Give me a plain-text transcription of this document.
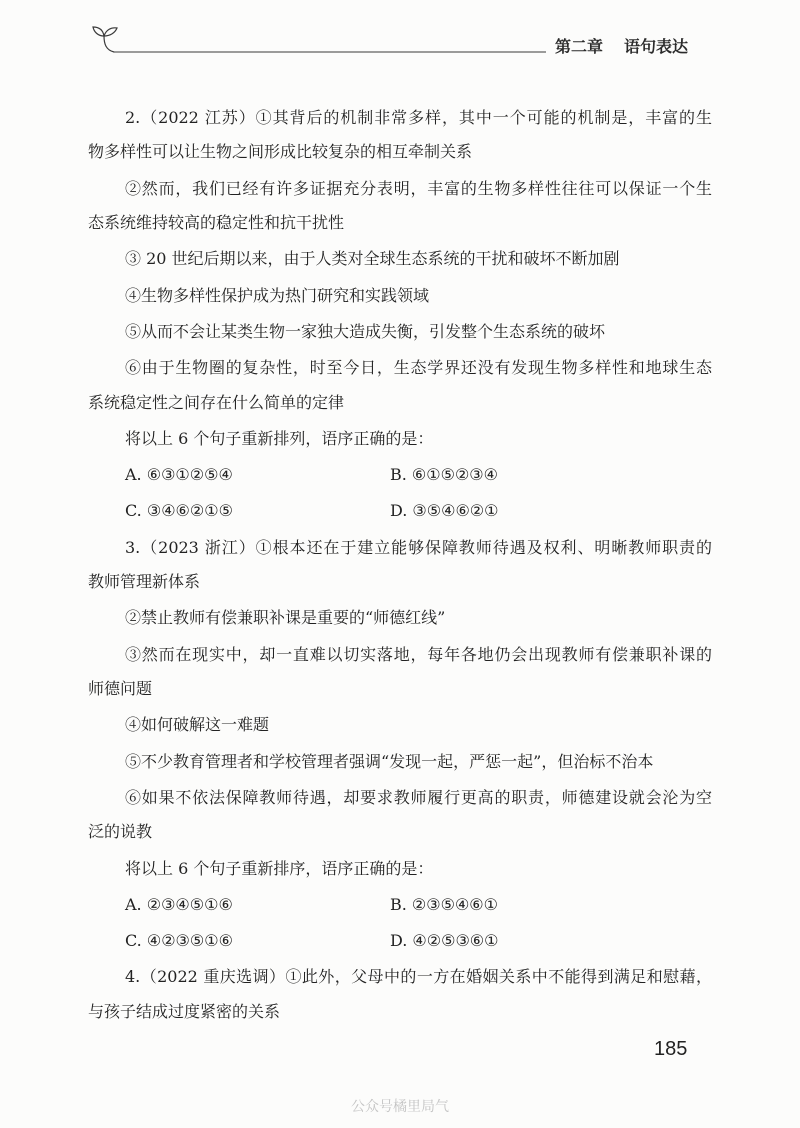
第二章 语句表达
2.（2022 江苏）①其背后的机制非常多样，其中一个可能的机制是，丰富的生
物多样性可以让生物之间形成比较复杂的相互牵制关系
②然而，我们已经有许多证据充分表明，丰富的生物多样性往往可以保证一个生
态系统维持较高的稳定性和抗干扰性
③ 20 世纪后期以来，由于人类对全球生态系统的干扰和破坏不断加剧
④生物多样性保护成为热门研究和实践领域
⑤从而不会让某类生物一家独大造成失衡，引发整个生态系统的破坏
⑥由于生物圈的复杂性，时至今日，生态学界还没有发现生物多样性和地球生态
系统稳定性之间存在什么简单的定律
将以上 6 个句子重新排列，语序正确的是：
A. ⑥③①②⑤④	B. ⑥①⑤②③④
C. ③④⑥②①⑤	D. ③⑤④⑥②①
3.（2023 浙江）①根本还在于建立能够保障教师待遇及权利、明晰教师职责的
教师管理新体系
②禁止教师有偿兼职补课是重要的“师德红线”
③然而在现实中，却一直难以切实落地，每年各地仍会出现教师有偿兼职补课的
师德问题
④如何破解这一难题
⑤不少教育管理者和学校管理者强调“发现一起，严惩一起”，但治标不治本
⑥如果不依法保障教师待遇，却要求教师履行更高的职责，师德建设就会沦为空
泛的说教
将以上 6 个句子重新排序，语序正确的是：
A. ②③④⑤①⑥	B. ②③⑤④⑥①
C. ④②③⑤①⑥	D. ④②⑤③⑥①
4.（2022 重庆选调）①此外，父母中的一方在婚姻关系中不能得到满足和慰藉，
与孩子结成过度紧密的关系
185
公众号橘里局气
